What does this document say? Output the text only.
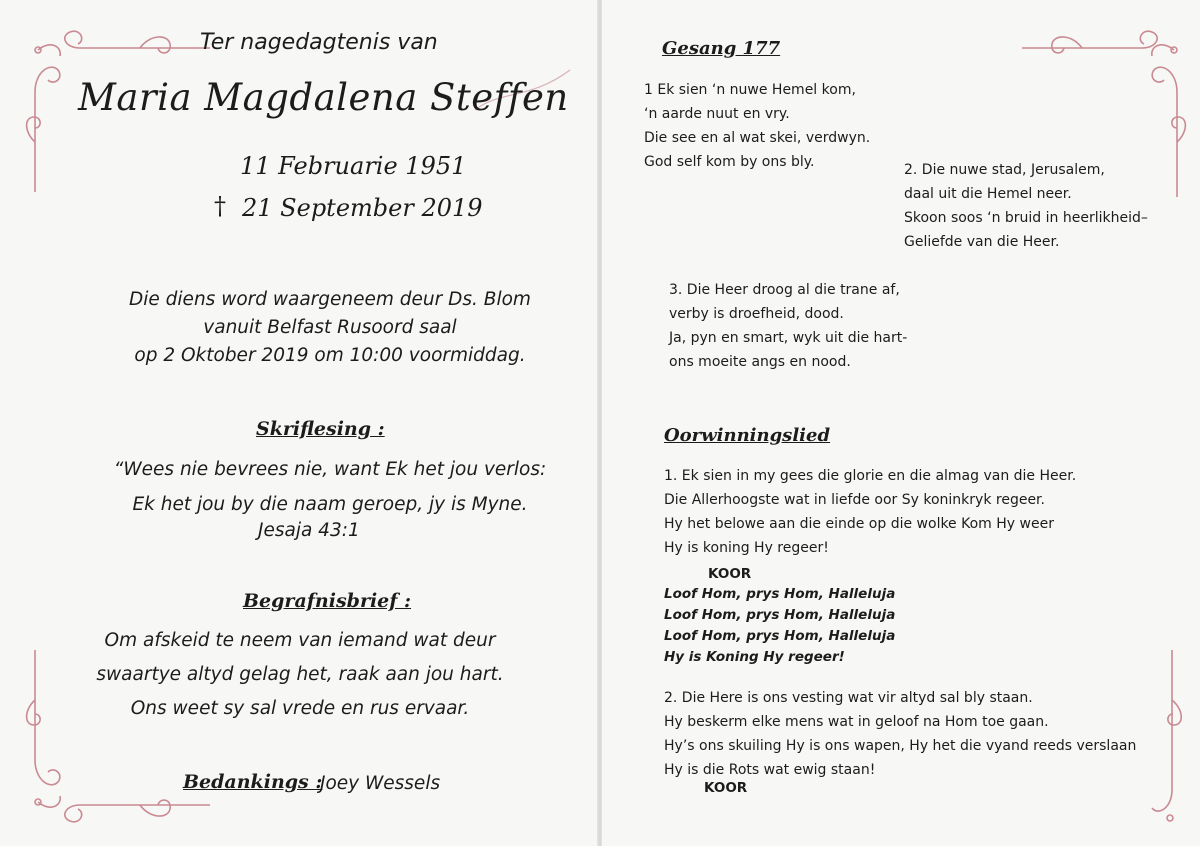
Ter nagedagtenis van
Maria Magdalena Steffen
11 Februarie 1951
† 21 September 2019
Die diens word waargeneem deur Ds. Blom
vanuit Belfast Rusoord saal
op 2 Oktober 2019 om 10:00 voormiddag.
Skriflesing :
“Wees nie bevrees nie, want Ek het jou verlos:
Ek het jou by die naam geroep, jy is Myne.
Jesaja 43:1
Begrafnisbrief :
Om afskeid te neem van iemand wat deur
swaartye altyd gelag het, raak aan jou hart.
Ons weet sy sal vrede en rus ervaar.
Bedankings :
Joey Wessels
Gesang 177
1 Ek sien ‘n nuwe Hemel kom,
‘n aarde nuut en vry.
Die see en al wat skei, verdwyn.
God self kom by ons bly.	2. Die nuwe stad, Jerusalem,
daal uit die Hemel neer.
Skoon soos ‘n bruid in heerlikheid–
Geliefde van die Heer.
3. Die Heer droog al die trane af,
verby is droefheid, dood.
Ja, pyn en smart, wyk uit die hart-
ons moeite angs en nood.
Oorwinningslied
1. Ek sien in my gees die glorie en die almag van die Heer.
Die Allerhoogste wat in liefde oor Sy koninkryk regeer.
Hy het belowe aan die einde op die wolke Kom Hy weer
Hy is koning Hy regeer!
KOOR
Loof Hom, prys Hom, Halleluja
Loof Hom, prys Hom, Halleluja
Loof Hom, prys Hom, Halleluja
Hy is Koning Hy regeer!
2. Die Here is ons vesting wat vir altyd sal bly staan.
Hy beskerm elke mens wat in geloof na Hom toe gaan.
Hy’s ons skuiling Hy is ons wapen, Hy het die vyand reeds verslaan
Hy is die Rots wat ewig staan!
KOOR
